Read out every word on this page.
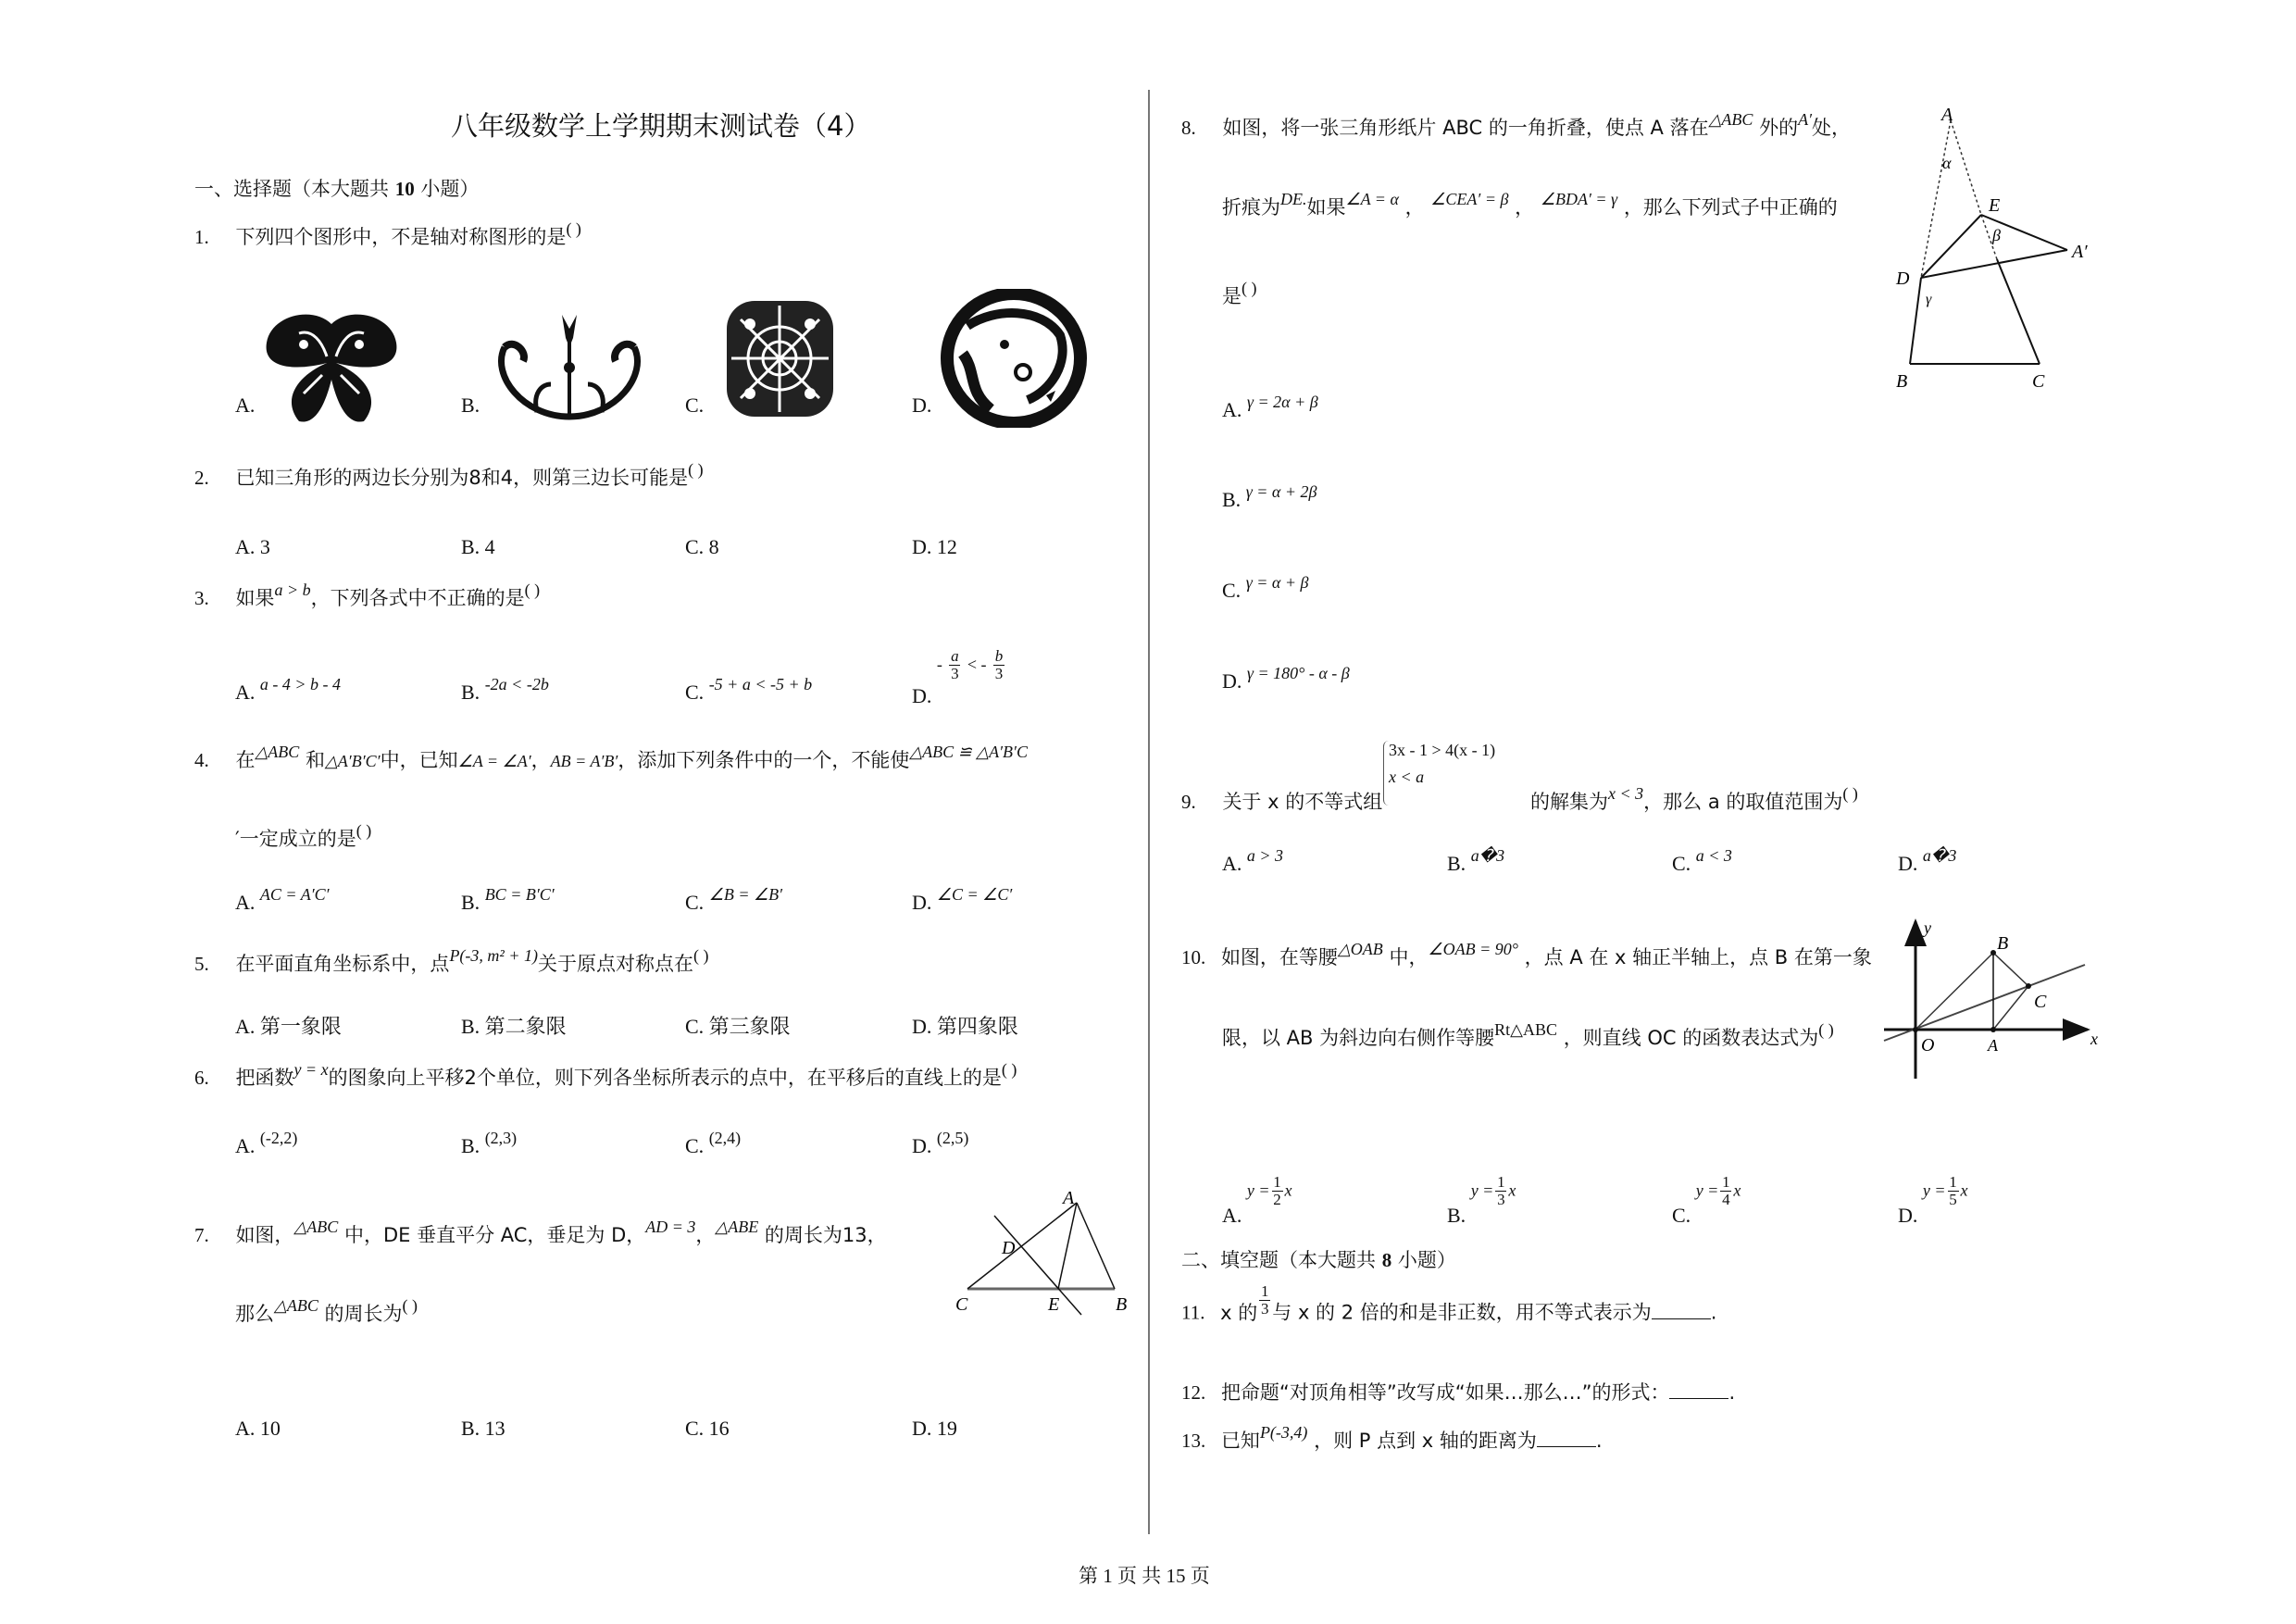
八年级数学上学期期末测试卷（4）
一、选择题（本大题共 10 小题）
1. 下列四个图形中，不是轴对称图形的是( )
A.	B.	C.	D.
2. 已知三角形的两边长分别为8和4，则第三边长可能是( )
A. 3	B. 4	C. 8	D. 12
3. 如果a > b，下列各式中不正确的是( )
A. $^{a - 4 > b - 4}$	B. $^{-2a < -2b}$	C. $^{-5 + a < -5 + b}$	D. - $\frac{a}{3}$ < - $\frac{b}{3}$
4. 在△ABC 和△A′B′C′中，已知∠A = ∠A′，AB = A′B′，添加下列条件中的一个，不能使△ABC ≌ △A′B′C
′一定成立的是( )
A. $^{AC = A'C'}$	B. $^{BC = B'C'}$	C. $^{\angle B = \angle B'}$	D. $^{\angle C = \angle C'}$
5. 在平面直角坐标系中，点P(-3, m² + 1)关于原点对称点在( )
A. 第一象限	B. 第二象限	C. 第三象限	D. 第四象限
6. 把函数y = x的图象向上平移2个单位，则下列各坐标所表示的点中，在平移后的直线上的是( )
A. $^{(-2,2)}$	B. $^{(2,3)}$	C. $^{(2,4)}$	D. $^{(2,5)}$
7. 如图，△ABC 中，DE 垂直平分 AC，垂足为 D，AD = 3，△ABE 的周长为13，
那么△ABC 的周长为( )
A
D
C	E	B
A. 10	B. 13	C. 16	D. 19
8. 如图，将一张三角形纸片 ABC 的一角折叠，使点 A 落在△ABC 外的A′处，
折痕为DE.如果∠A = α ， ∠CEA′ = β ， ∠BDA′ = γ ，那么下列式子中正确的
是( )
A
α
E
β
A′
D
γ
B	C
A. $^{\gamma = 2\alpha + \beta}$
B. $^{\gamma = \alpha + 2\beta}$
C. $^{\gamma = \alpha + \beta}$
D. $^{\gamma = 180^\circ - \alpha - \beta}$
9. 关于 x 的不等式组
3x - 1 > 4(x - 1)
x < a
的解集为x < 3，那么 a 的取值范围为( )
A. $^{a > 3}$	B. $^{a�3}$	C. $^{a < 3}$	D. $^{a�3}$
10. 如图，在等腰△OAB 中，∠OAB = 90° ，点 A 在 x 轴正半轴上，点 B 在第一象
限，以 AB 为斜边向右侧作等腰Rt△ABC ，则直线 OC 的函数表达式为( )
y
x
O	A
B
C
A. $y = \frac{1}{2}$ x
B. $y = \frac{1}{3}$ x
C. $y = \frac{1}{4}$ x
D. $y = \frac{1}{5}$ x
二、填空题（本大题共 8 小题）
11. x 的 $\frac{1}{3}$ 与 x 的 2 倍的和是非正数，用不等式表示为	.
12. 把命题“对顶角相等”改写成“如果…那么…”的形式：	.
13. 已知P(-3,4) ，则 P 点到 x 轴的距离为	.
第 1 页 共 15 页
